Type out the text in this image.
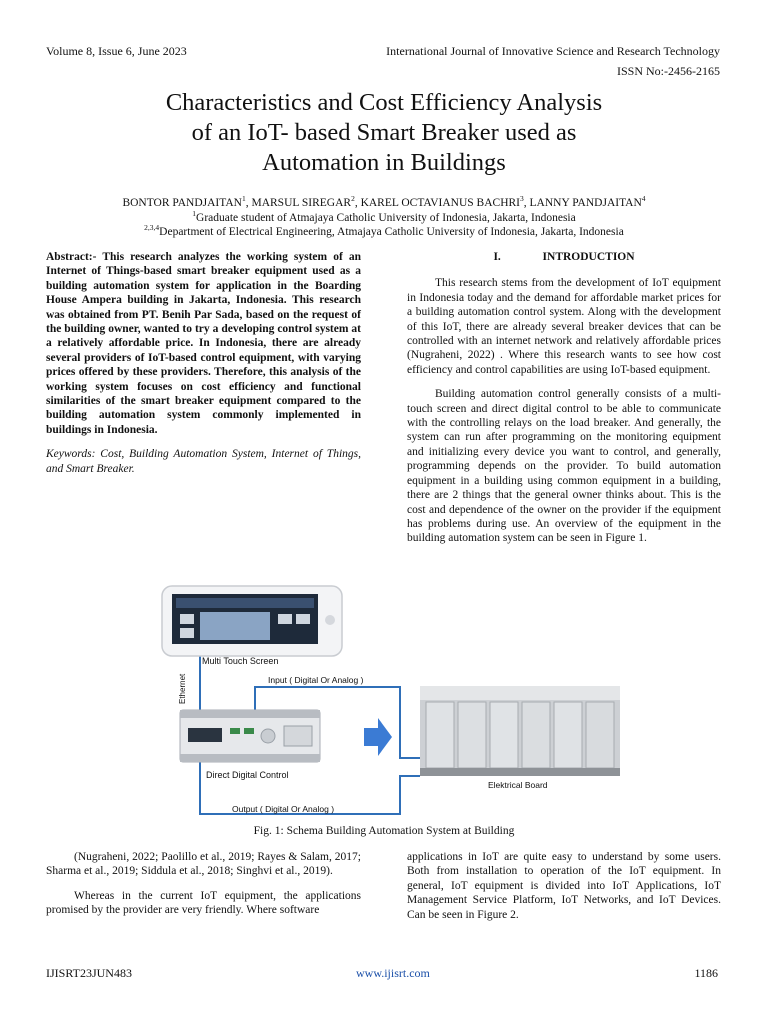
Volume 8, Issue 6, June 2023	International Journal of Innovative Science and Research Technology
ISSN No:-2456-2165
Characteristics and Cost Efficiency Analysis
of an IoT- based Smart Breaker used as
Automation in Buildings
BONTOR PANDJAITAN$^1$, MARSUL SIREGAR$^2$, KAREL OCTAVIANUS BACHRI$^3$, LANNY PANDJAITAN$^4$
$^1$Graduate student of Atmajaya Catholic University of Indonesia, Jakarta, Indonesia
$^{2,3,4}$Department of Electrical Engineering, Atmajaya Catholic University of Indonesia, Jakarta, Indonesia

Abstract:- This research analyzes the working system of an Internet of Things-based smart breaker equipment used as a building automation system for application in the Boarding House Ampera building in Jakarta, Indonesia. This research was obtained from PT. Benih Par Sada, based on the request of the building owner, wanted to try a developing control system at a relatively affordable price. In Indonesia, there are already several providers of IoT-based control equipment, with varying prices offered by these providers. Therefore, this analysis of the working system focuses on cost efficiency and functional similarities of the smart breaker equipment compared to the building automation system commonly implemented in buildings in Indonesia.

Keywords: Cost, Building Automation System, Internet of Things, and Smart Breaker.

I.	INTRODUCTION

This research stems from the development of IoT equipment in Indonesia today and the demand for affordable market prices for a building automation control system. Along with the development of this IoT, there are already several breaker devices that can be controlled with an internet network and relatively affordable prices (Nugraheni, 2022) . Where this research wants to see how cost efficiency and control capabilities are using IoT-based equipment.

Building automation control generally consists of a multi-touch screen and direct digital control to be able to communicate with the controlling relays on the load breaker. And generally, the system can run after programming on the monitoring equipment and initializing every device you want to control, and generally, programming depends on the provider. To build automation equipment in a building using common equipment in a building, there are 2 things that the general owner thinks about. This is the cost and dependence of the owner on the provider if the equipment has problems during use. An overview of the equipment in the building automation system can be seen in Figure 1.

Multi Touch Screen
Ethernet	Input ( Digital Or Analog )
Direct Digital Control
Output ( Digital Or Analog )
Elektrical Board
Fig. 1: Schema Building Automation System at Building

(Nugraheni, 2022; Paolillo et al., 2019; Rayes & Salam, 2017; Sharma et al., 2019; Siddula et al., 2018; Singhvi et al., 2019).

Whereas in the current IoT equipment, the applications promised by the provider are very friendly. Where software

applications in IoT are quite easy to understand by some users. Both from installation to operation of the IoT equipment. In general, IoT equipment is divided into IoT Applications, IoT Management Service Platform, IoT Networks, and IoT Devices. Can be seen in Figure 2.

IJISRT23JUN483	www.ijisrt.com	1186
